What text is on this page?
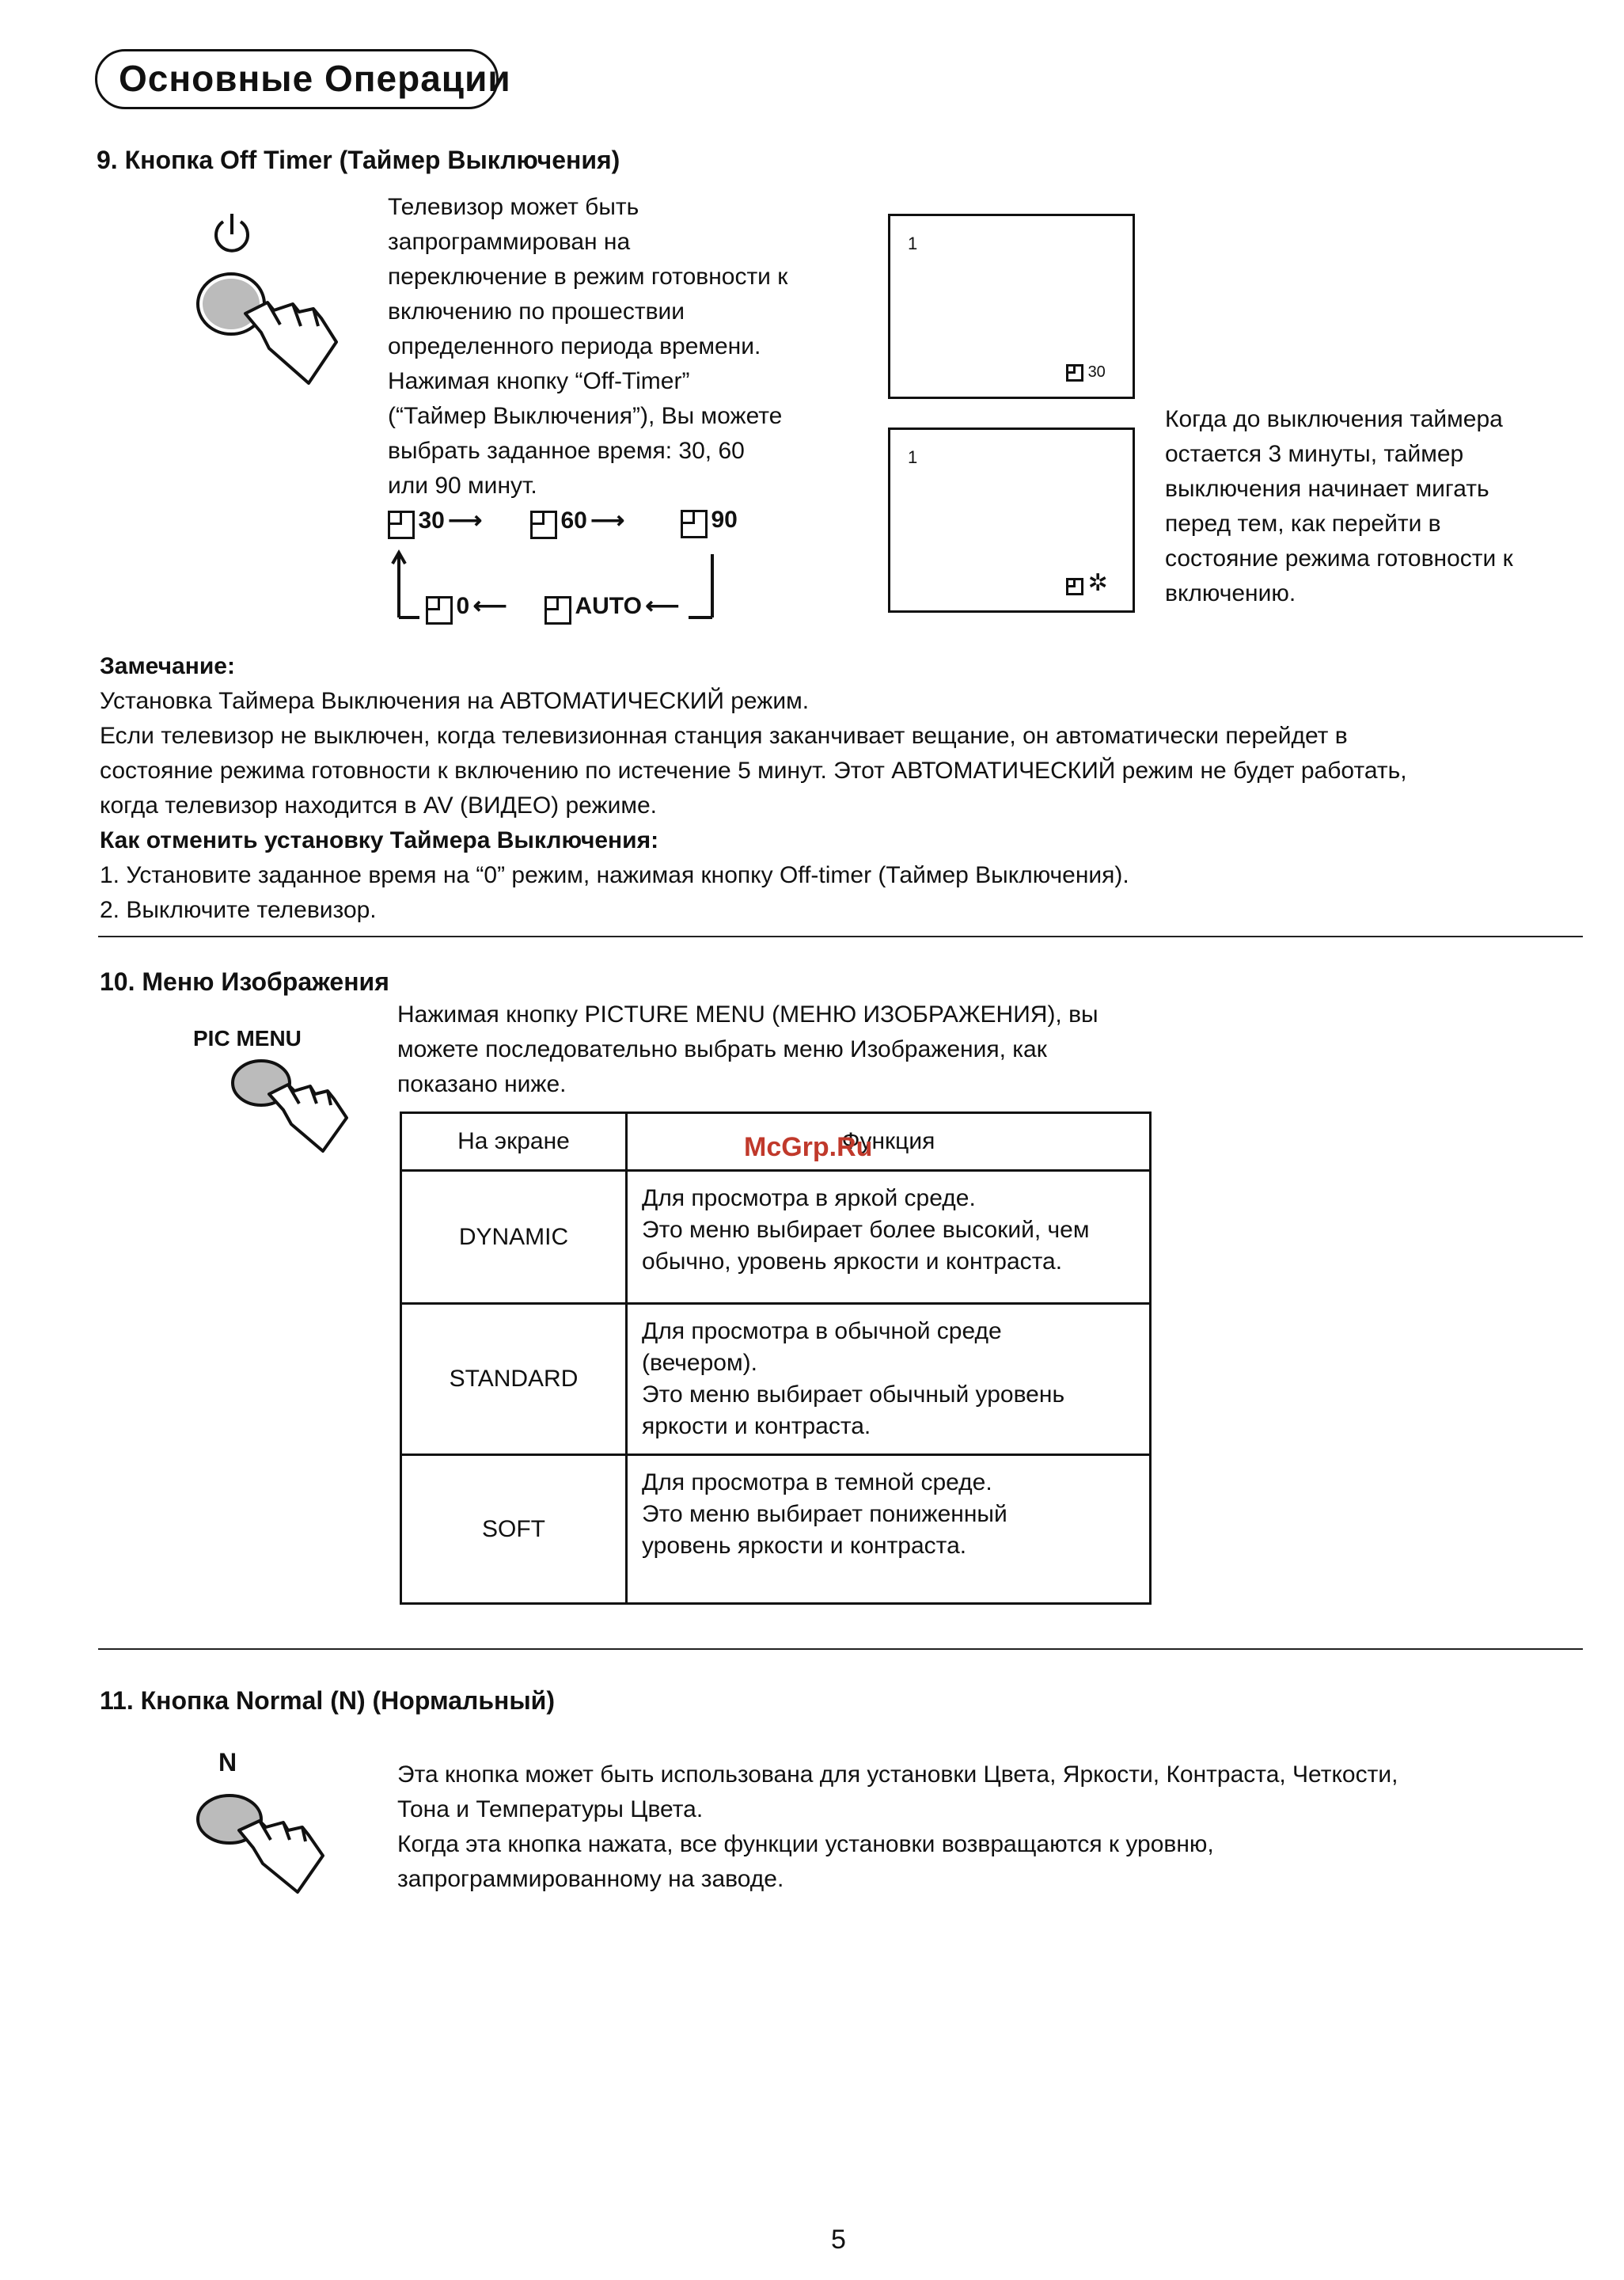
Основные Операции
9. Кнопка Off Timer (Таймер Выключения)
Телевизор может быть
запрограммирован на
переключение в режим готовности к
включению по прошествии
определенного периода времени.
Нажимая кнопку “Off-Timer”
(“Таймер Выключения”), Вы можете
выбрать заданное время: 30, 60
или 90 минут.
30 ⟶	60 ⟶	90
0 ⟵	AUTO ⟵
1
30
1
✲
Когда до выключения таймера
остается 3 минуты, таймер
выключения начинает мигать
перед тем, как перейти в
состояние режима готовности к
включению.
Замечание:
Установка Таймера Выключения на АВТОМАТИЧЕСКИЙ режим.
Если телевизор не выключен, когда телевизионная станция заканчивает вещание, он автоматически перейдет в
состояние режима готовности к включению по истечение 5 минут. Этот АВТОМАТИЧЕСКИЙ режим не будет работать,
когда телевизор находится в AV (ВИДЕО) режиме.
Как отменить установку Таймера Выключения:
1. Установите заданное время на “0” режим, нажимая кнопку Off-timer (Таймер Выключения).
2. Выключите телевизор.
10. Меню Изображения
PIC MENU
Нажимая кнопку PICTURE MENU (МЕНЮ ИЗОБРАЖЕНИЯ), вы
можете последовательно выбрать меню Изображения, как
показано ниже.
На экране	Функция
DYNAMIC	Для просмотра в яркой среде.
Это меню выбирает более высокий, чем
обычно, уровень яркости и контраста.

STANDARD	Для просмотра в обычной среде
(вечером).
Это меню выбирает обычный уровень
яркости и контраста.

SOFT	Для просмотра в темной среде.
Это меню выбирает пониженный
уровень яркости и контраста.
McGrp.Ru
11. Кнопка Normal (N) (Нормальный)
N	Эта кнопка может быть использована для установки Цвета, Яркости, Контраста, Четкости,
Тона и Температуры Цвета.
Когда эта кнопка нажата, все функции установки возвращаются к уровню,
запрограммированному на заводе.
5
